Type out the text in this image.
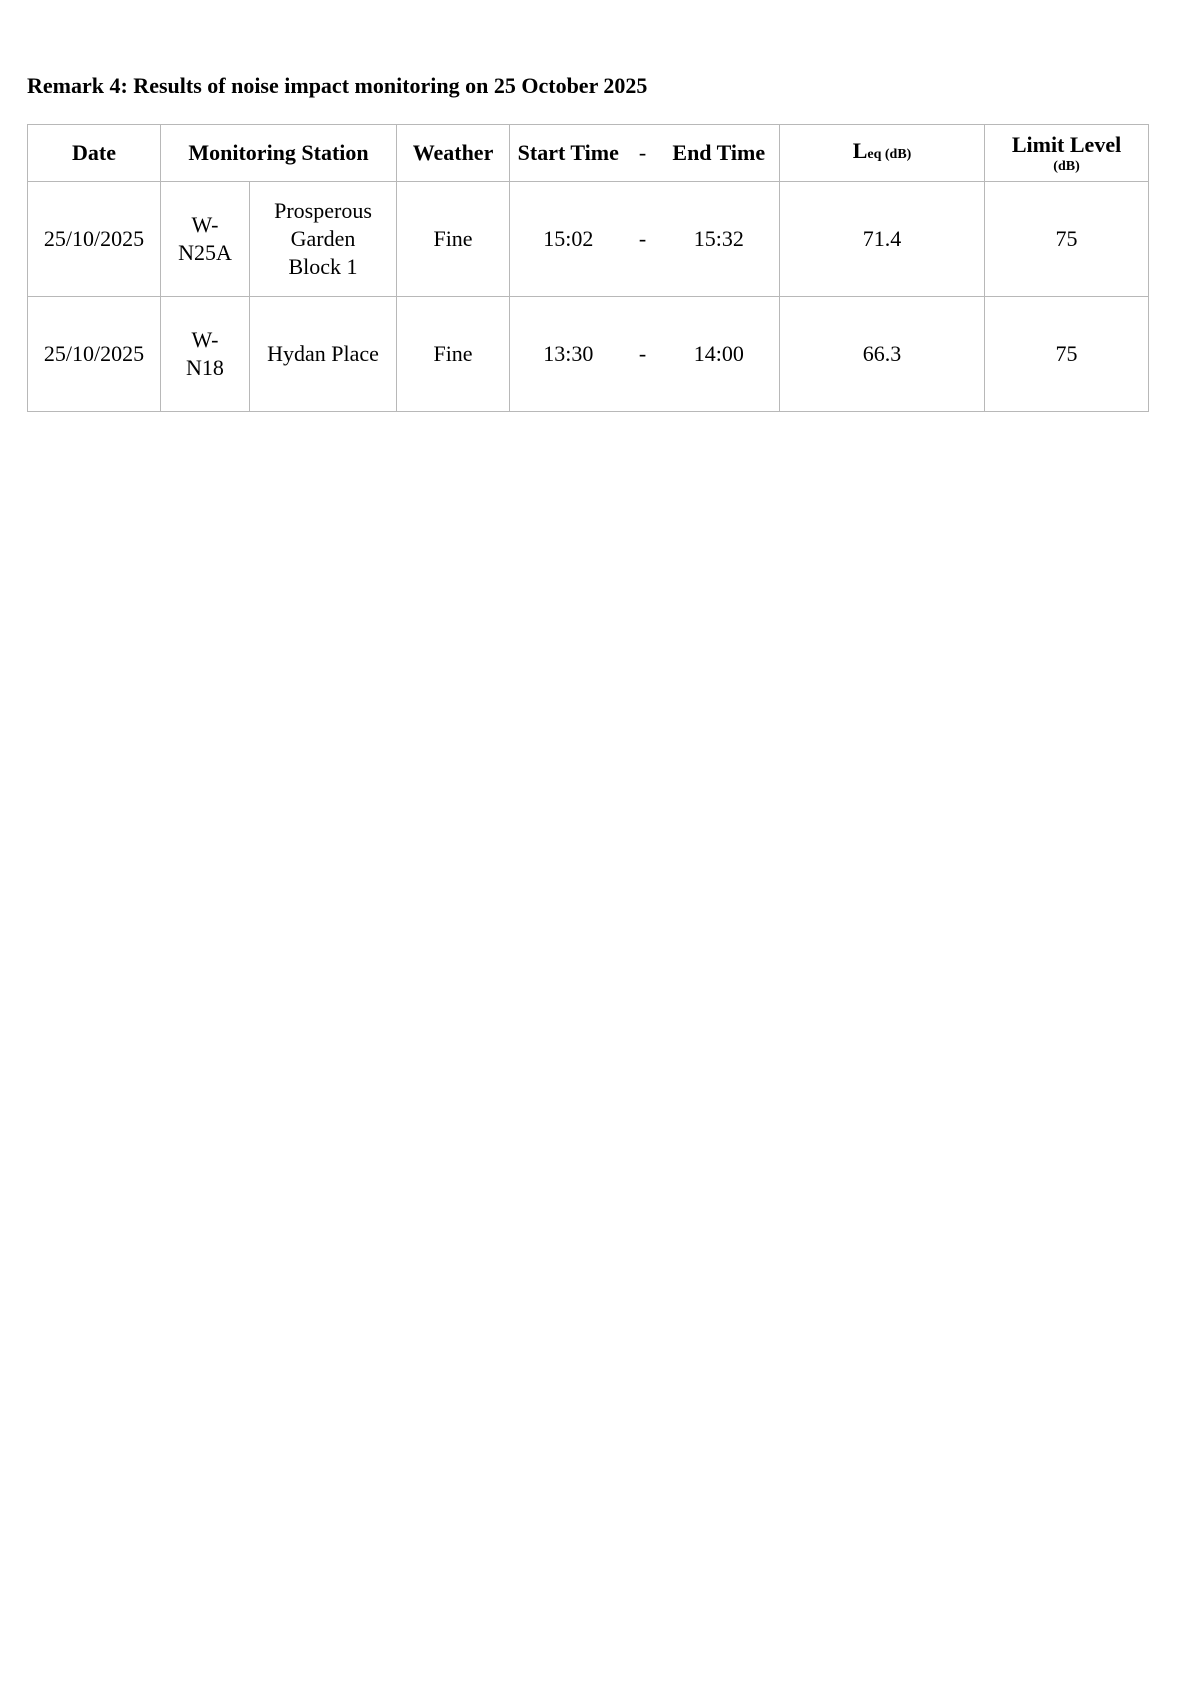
Remark 4: Results of noise impact monitoring on 25 October 2025
Date	Monitoring Station		Weather	Start Time	-	End Time	Leq (dB)	Limit Level
(dB)

25/10/2025	W-N25A	Prosperous Garden Block 1	Fine	15:02	-	15:32	71.4	75
25/10/2025	W-N18	Hydan Place	Fine	13:30	-	14:00	66.3	75
